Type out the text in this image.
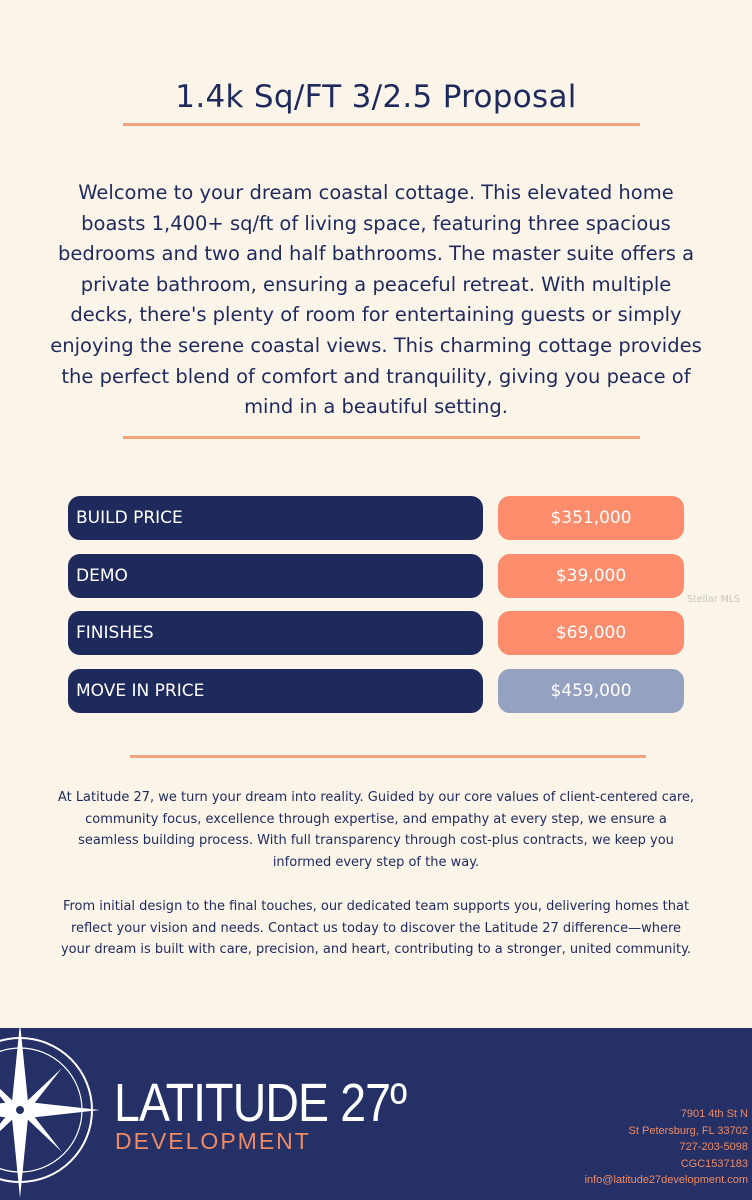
1.4k Sq/FT 3/2.5 Proposal
Welcome to your dream coastal cottage. This elevated home boasts 1,400+ sq/ft of living space, featuring three spacious bedrooms and two and half bathrooms. The master suite offers a private bathroom, ensuring a peaceful retreat. With multiple decks, there's plenty of room for entertaining guests or simply enjoying the serene coastal views. This charming cottage provides the perfect blend of comfort and tranquility, giving you peace of mind in a beautiful setting.
BUILD PRICE	$351,000
DEMO	$39,000
FINISHES	$69,000
MOVE IN PRICE	$459,000
Stellar MLS
At Latitude 27, we turn your dream into reality. Guided by our core values of client-centered care, community focus, excellence through expertise, and empathy at every step, we ensure a seamless building process. With full transparency through cost-plus contracts, we keep you informed every step of the way.
From initial design to the final touches, our dedicated team supports you, delivering homes that reflect your vision and needs. Contact us today to discover the Latitude 27 difference—where your dream is built with care, precision, and heart, contributing to a stronger, united community.
LATITUDE 27º
DEVELOPMENT
7901 4th St N
St Petersburg, FL 33702
727-203-5098
CGC1537183
info@latitude27development.com
